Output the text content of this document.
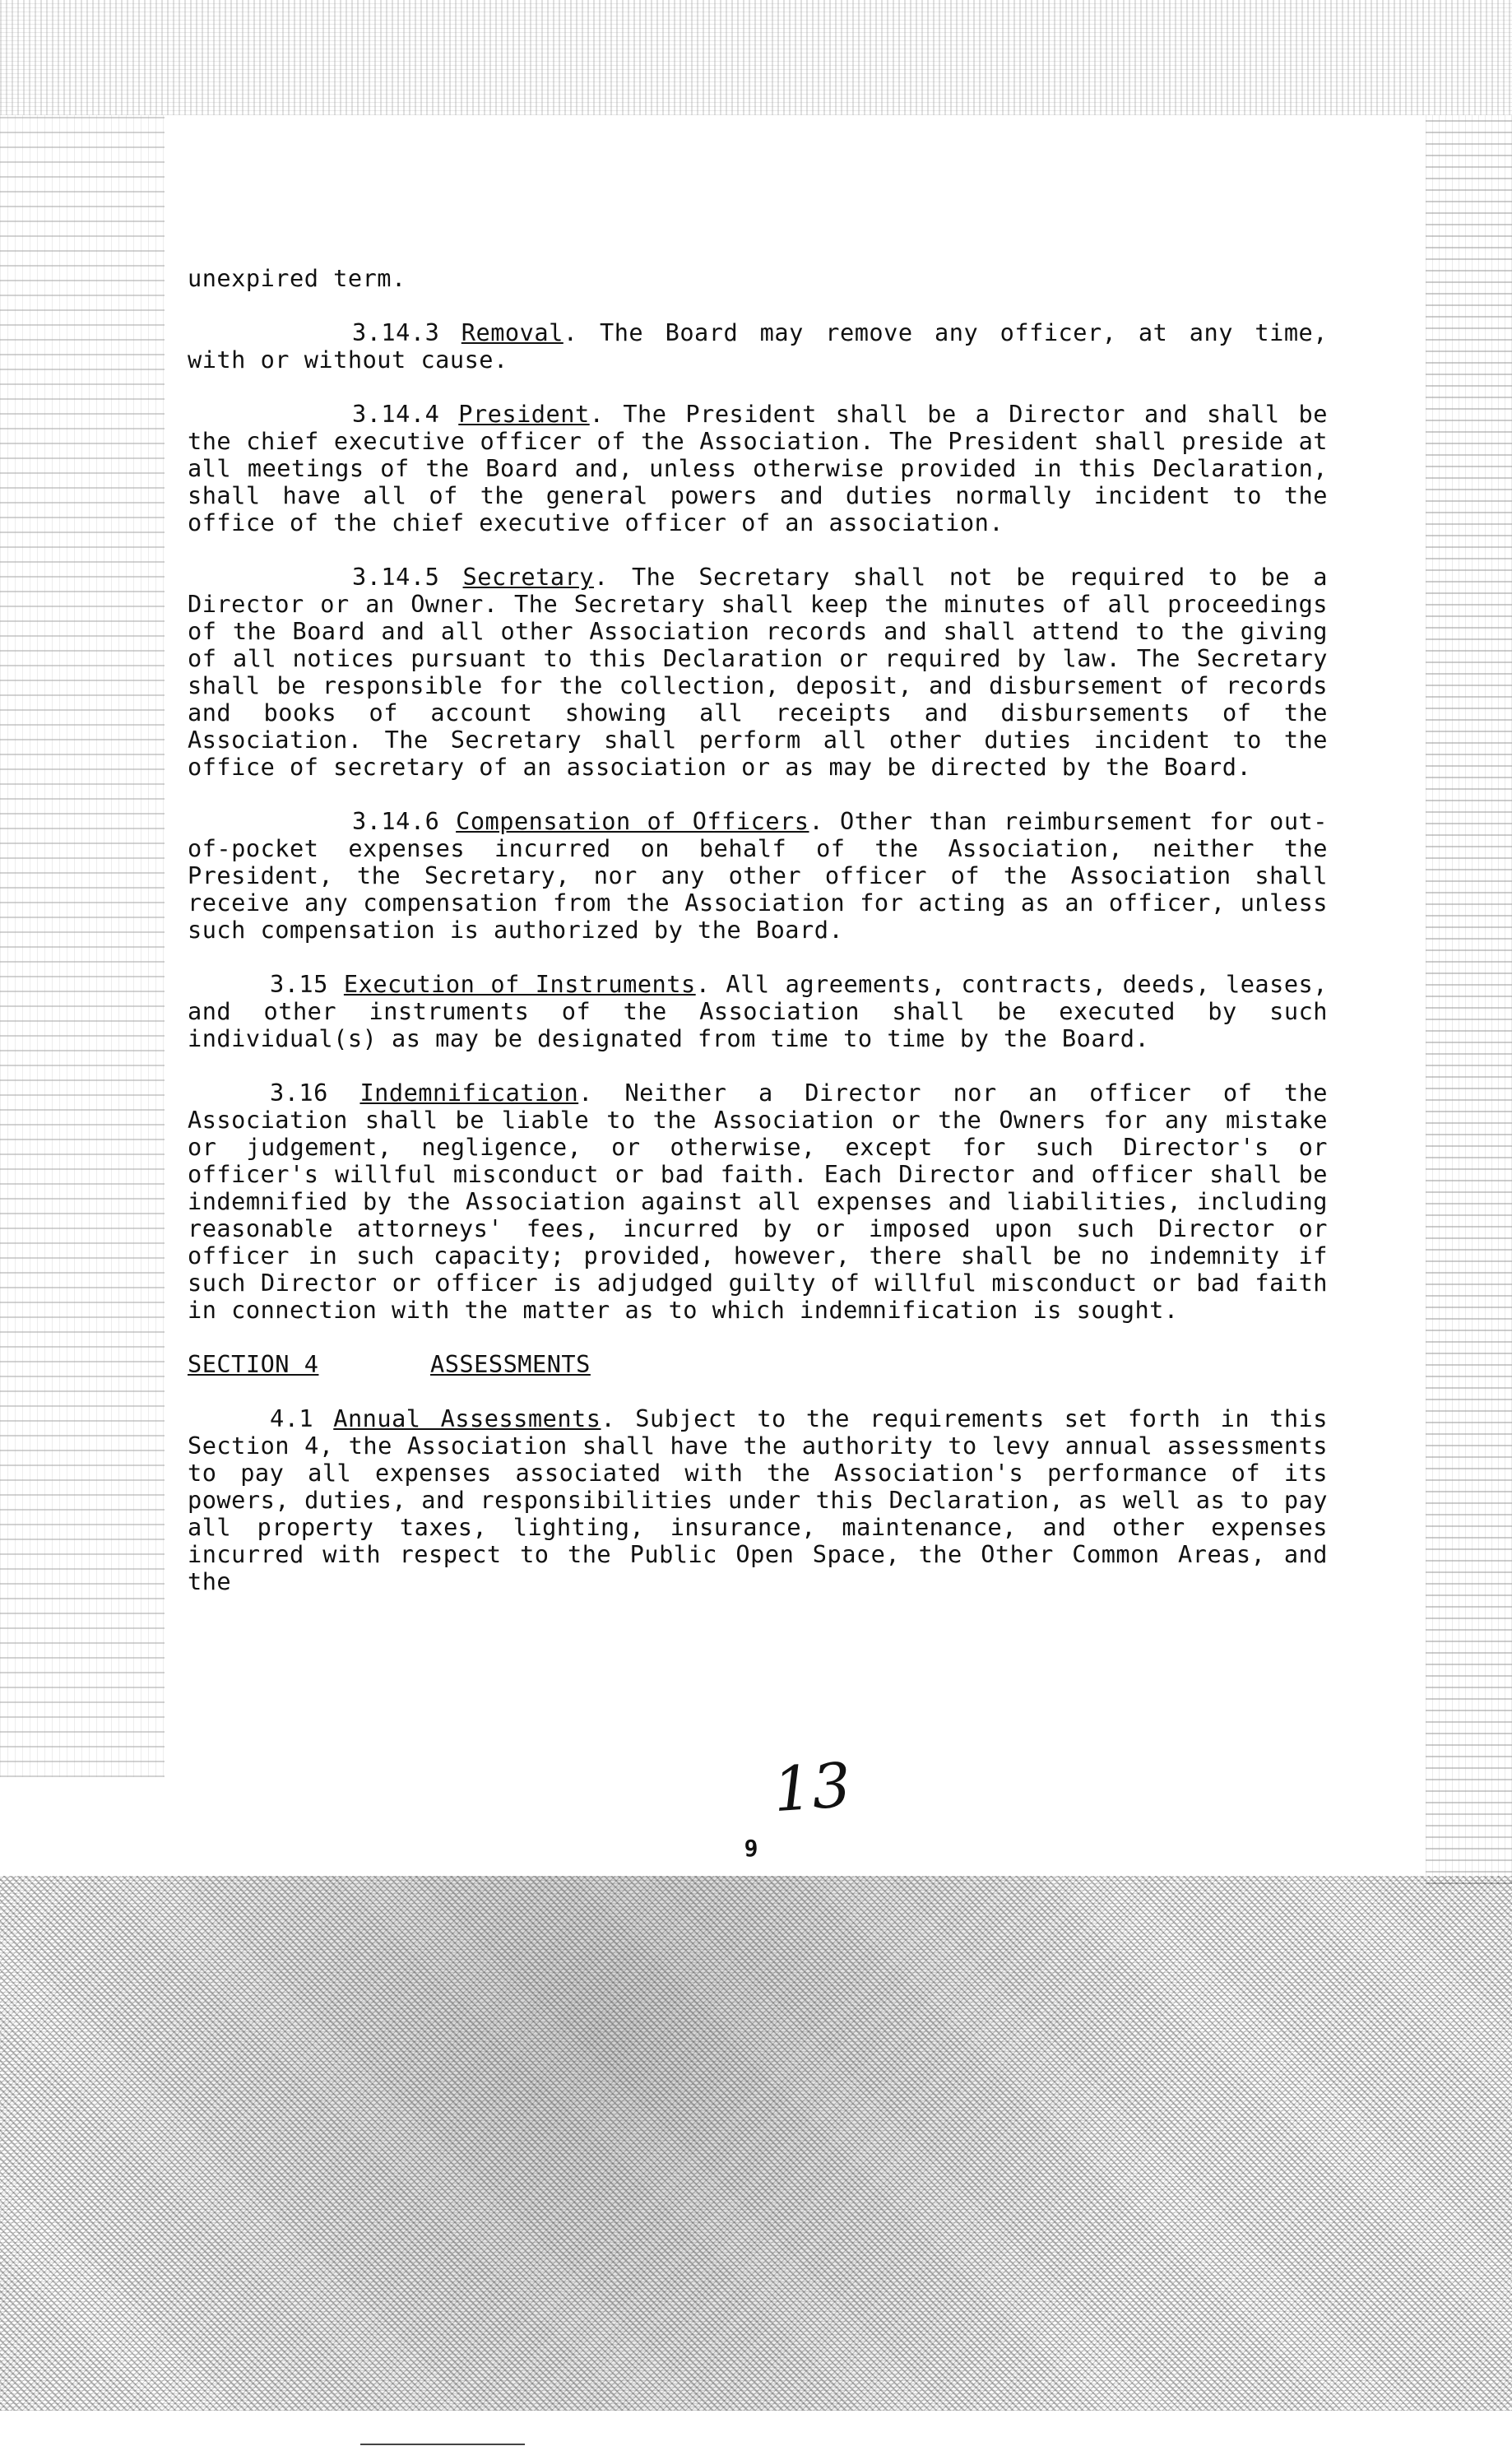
unexpired term.

3.14.3 Removal. The Board may remove any officer, at any time, with or without cause.

3.14.4 President. The President shall be a Director and shall be the chief executive officer of the Association. The President shall preside at all meetings of the Board and, unless otherwise provided in this Declaration, shall have all of the general powers and duties normally incident to the office of the chief executive officer of an association.

3.14.5 Secretary. The Secretary shall not be required to be a Director or an Owner. The Secretary shall keep the minutes of all proceedings of the Board and all other Association records and shall attend to the giving of all notices pursuant to this Declaration or required by law. The Secretary shall be responsible for the collection, deposit, and disbursement of records and books of account showing all receipts and disbursements of the Association. The Secretary shall perform all other duties incident to the office of secretary of an association or as may be directed by the Board.

3.14.6 Compensation of Officers. Other than reimbursement for out-of-pocket expenses incurred on behalf of the Association, neither the President, the Secretary, nor any other officer of the Association shall receive any compensation from the Association for acting as an officer, unless such compensation is authorized by the Board.

3.15 Execution of Instruments. All agreements, contracts, deeds, leases, and other instruments of the Association shall be executed by such individual(s) as may be designated from time to time by the Board.

3.16 Indemnification. Neither a Director nor an officer of the Association shall be liable to the Association or the Owners for any mistake or judgement, negligence, or otherwise, except for such Director's or officer's willful misconduct or bad faith. Each Director and officer shall be indemnified by the Association against all expenses and liabilities, including reasonable attorneys' fees, incurred by or imposed upon such Director or officer in such capacity; provided, however, there shall be no indemnity if such Director or officer is adjudged guilty of willful misconduct or bad faith in connection with the matter as to which indemnification is sought.

SECTION 4	ASSESSMENTS

4.1 Annual Assessments. Subject to the requirements set forth in this Section 4, the Association shall have the authority to levy annual assessments to pay all expenses associated with the Association's performance of its powers, duties, and responsibilities under this Declaration, as well as to pay all property taxes, lighting, insurance, maintenance, and other expenses incurred with respect to the Public Open Space, the Other Common Areas, and the

13
9
